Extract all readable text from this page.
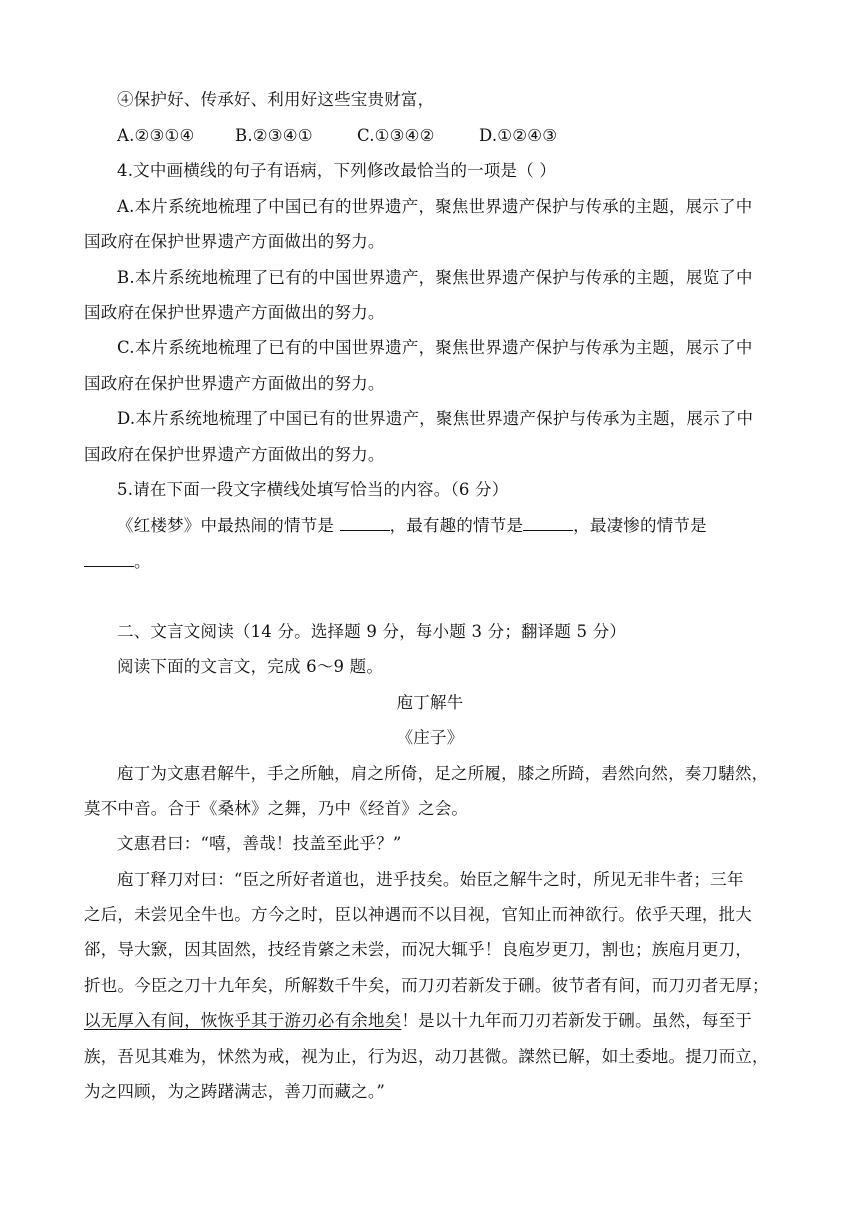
④保护好、传承好、利用好这些宝贵财富，
A.②③①④ B.②③④①	C.①③④②	D.①②④③
4.文中画横线的句子有语病，下列修改最恰当的一项是（ ）
A.本片系统地梳理了中国已有的世界遗产，聚焦世界遗产保护与传承的主题，展示了中
国政府在保护世界遗产方面做出的努力。
B.本片系统地梳理了已有的中国世界遗产，聚焦世界遗产保护与传承的主题，展览了中
国政府在保护世界遗产方面做出的努力。
C.本片系统地梳理了已有的中国世界遗产，聚焦世界遗产保护与传承为主题，展示了中
国政府在保护世界遗产方面做出的努力。
D.本片系统地梳理了中国已有的世界遗产，聚焦世界遗产保护与传承为主题，展示了中
国政府在保护世界遗产方面做出的努力。
5.请在下面一段文字横线处填写恰当的内容。（6 分）
《红楼梦》中最热闹的情节是	，最有趣的情节是	，最凄惨的情节是
。
二、文言文阅读（14 分。选择题 9 分，每小题 3 分；翻译题 5 分）
阅读下面的文言文，完成 6～9 题。
庖丁解牛
《庄子》
庖丁为文惠君解牛，手之所触，肩之所倚，足之所履，膝之所踦，砉然向然，奏刀騞然，
莫不中音。合于《桑林》之舞，乃中《经首》之会。
文惠君曰：“嘻，善哉！技盖至此乎？”
庖丁释刀对曰：“臣之所好者道也，进乎技矣。始臣之解牛之时，所见无非牛者；三年
之后，未尝见全牛也。方今之时，臣以神遇而不以目视，官知止而神欲行。依乎天理，批大
郤，导大窾，因其固然，技经肯綮之未尝，而况大辄乎！良庖岁更刀，割也；族庖月更刀，
折也。今臣之刀十九年矣，所解数千牛矣，而刀刃若新发于硎。彼节者有间，而刀刃者无厚；
以无厚入有间，恢恢乎其于游刃必有余地矣！是以十九年而刀刃若新发于硎。虽然，每至于
族，吾见其难为，怵然为戒，视为止，行为迟，动刀甚微。謋然已解，如土委地。提刀而立，
为之四顾，为之踌躇满志，善刀而藏之。”
